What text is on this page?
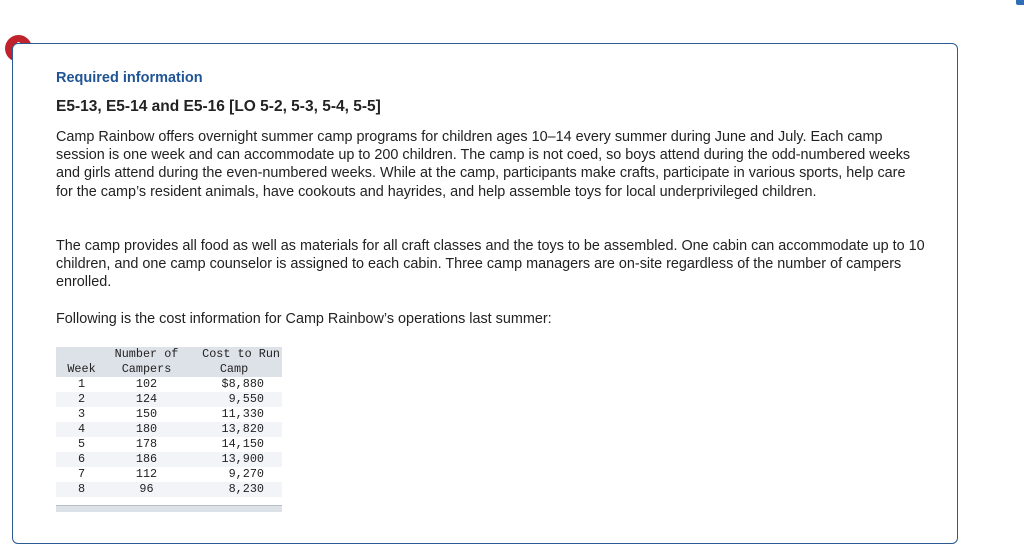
Required information

E5-13, E5-14 and E5-16 [LO 5-2, 5-3, 5-4, 5-5]

Camp Rainbow offers overnight summer camp programs for children ages 10–14 every summer during June and July. Each camp session is one week and can accommodate up to 200 children. The camp is not coed, so boys attend during the odd-numbered weeks and girls attend during the even-numbered weeks. While at the camp, participants make crafts, participate in various sports, help care for the camp’s resident animals, have cookouts and hayrides, and help assemble toys for local underprivileged children.

The camp provides all food as well as materials for all craft classes and the toys to be assembled. One cabin can accommodate up to 10 children, and one camp counselor is assigned to each cabin. Three camp managers are on-site regardless of the number of campers enrolled.

Following is the cost information for Camp Rainbow’s operations last summer:

	Number of	Cost to Run
Week	Campers	Camp
1	102	$8,880
2	124	9,550
3	150	11,330
4	180	13,820
5	178	14,150
6	186	13,900
7	112	9,270
8	96	8,230
